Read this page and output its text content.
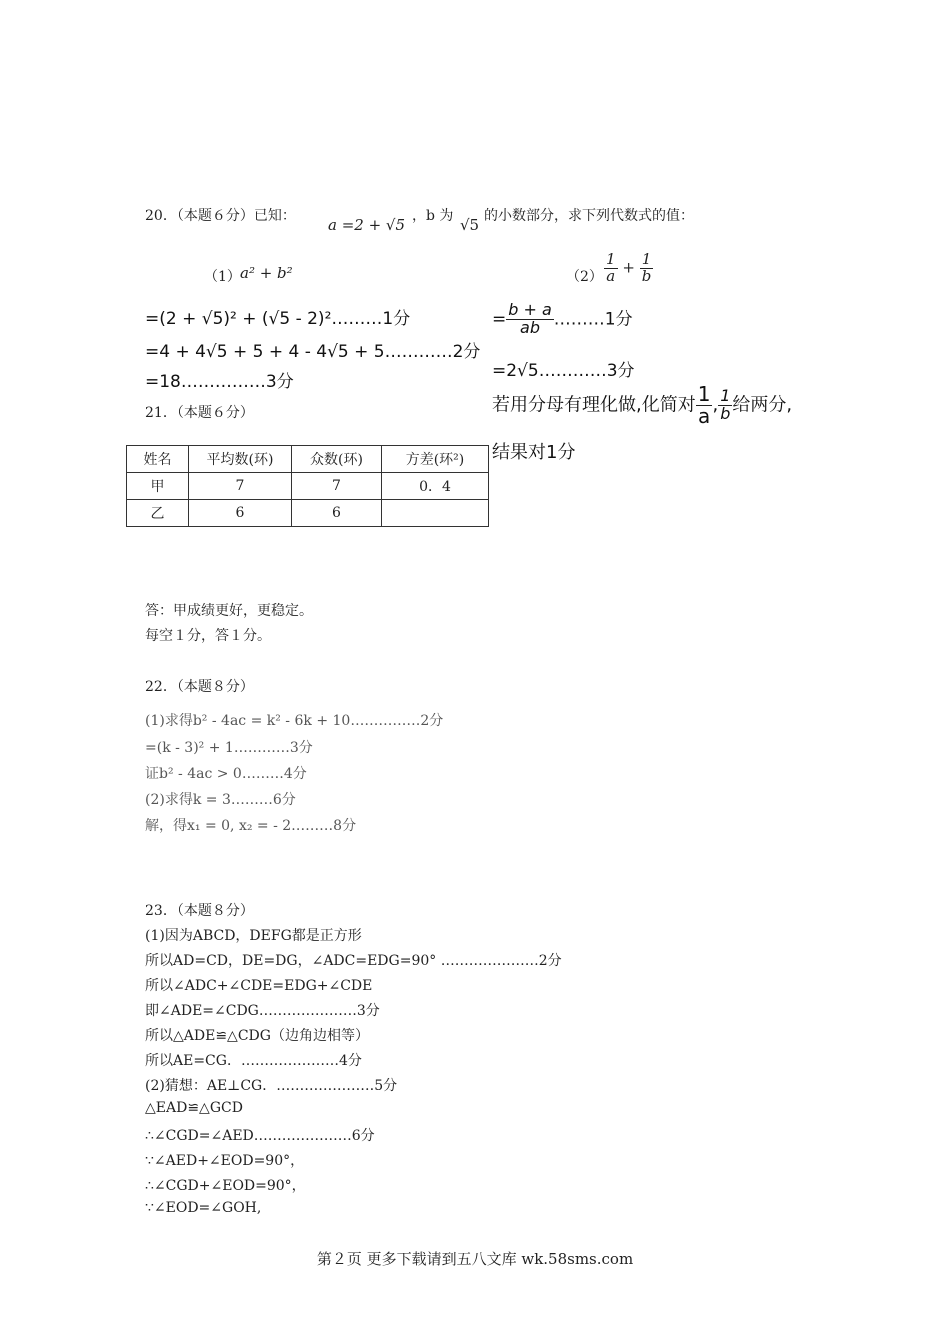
20．（本题６分）已知： a =2 + √5 ，b 为 √5 的小数部分，求下列代数式的值：
（1） a² + b²	$(2) \frac{1}{a} + \frac{1}{b}$
=(2 + √5)² + (√5 - 2)²………1分
=4 + 4√5 + 5 + 4 - 4√5 + 5…………2分
=18……………3分
= $\frac{b + a}{ab}$ ………1分
=2√5…………3分
若用分母有理化做,化简对 $\frac{1}{a}$ , $\frac{1}{b}$ 给两分,
结果对1分
21．（本题６分）
姓名	平均数(环)	众数(环)	方差(环²)
甲	7	7	0．4
乙	6	6	
答：甲成绩更好，更稳定。
每空１分，答１分。
22．（本题８分）
(1)求得b² - 4ac = k² - 6k + 10……………2分
=(k - 3)² + 1…………3分
证b² - 4ac > 0………4分
(2)求得k = 3………6分
解，得x₁ = 0, x₂ = - 2………8分
23．（本题８分）
(1)因为ABCD，DEFG都是正方形
所以AD=CD，DE=DG，∠ADC=EDG=90° …………………2分
所以∠ADC+∠CDE=EDG+∠CDE
即∠ADE=∠CDG…………………3分
所以△ADE≌△CDG（边角边相等）
所以AE=CG．…………………4分
(2)猜想：AE⊥CG．…………………5分
△EAD≌△GCD
∴∠CGD=∠AED…………………6分
∵∠AED+∠EOD=90°，
∴∠CGD+∠EOD=90°，
∵∠EOD=∠GOH,
第２页 更多下载请到五八文库 wk.58sms.com
